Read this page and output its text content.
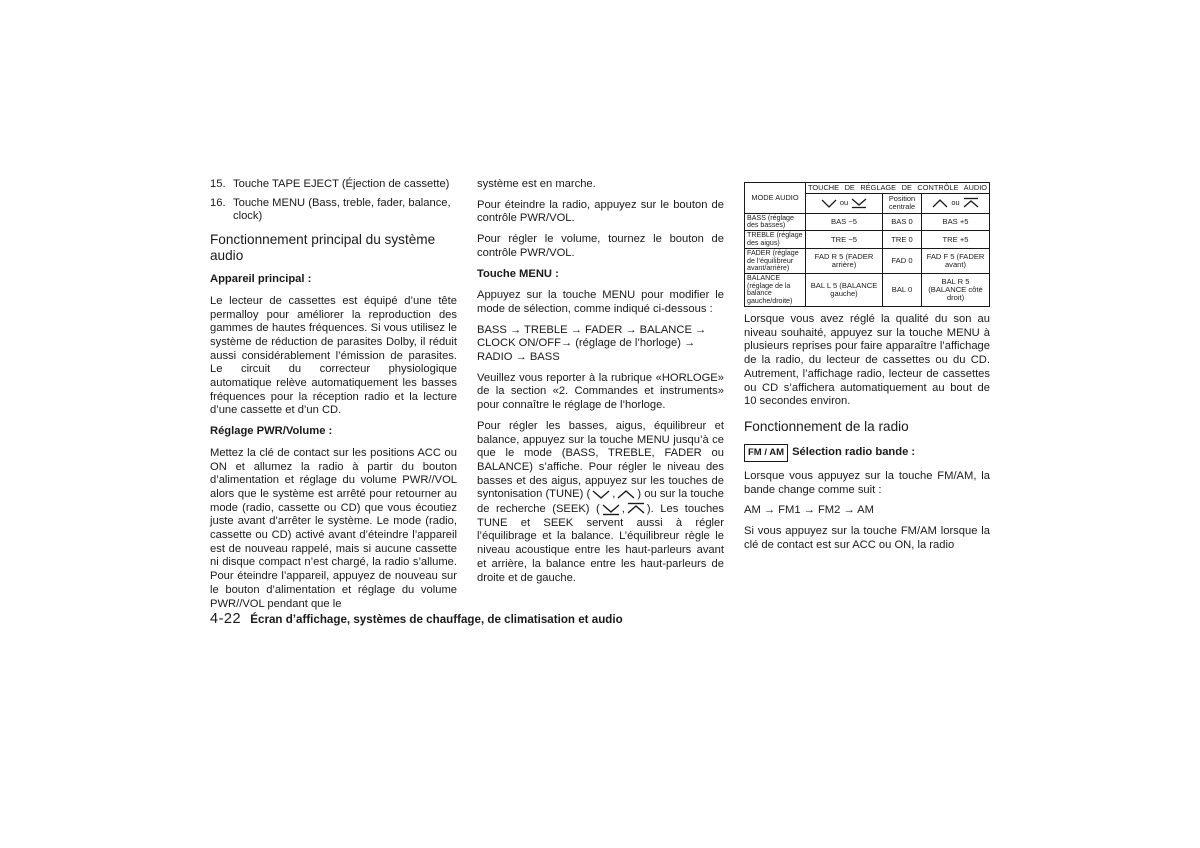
15. Touche TAPE EJECT (Éjection de cassette)
16. Touche MENU (Bass, treble, fader, balance, clock)
Fonctionnement principal du système audio
Appareil principal :

Le lecteur de cassettes est équipé d’une tête permalloy pour améliorer la reproduction des gammes de hautes fréquences. Si vous utilisez le système de réduction de parasites Dolby, il réduit aussi considérablement l’émission de parasites. Le circuit du correcteur physiologique automatique relève automatiquement les basses fréquences pour la réception radio et la lecture d’une cassette et d’un CD.

Réglage PWR/Volume :

Mettez la clé de contact sur les positions ACC ou ON et allumez la radio à partir du bouton d’alimentation et réglage du volume PWR//VOL alors que le système est arrêté pour retourner au mode (radio, cassette ou CD) que vous écoutiez juste avant d’arrêter le système. Le mode (radio, cassette ou CD) activé avant d’éteindre l’appareil est de nouveau rappelé, mais si aucune cassette ni disque compact n’est chargé, la radio s’allume. Pour éteindre l’appareil, appuyez de nouveau sur le bouton d’alimentation et réglage du volume PWR//VOL pendant que le

système est en marche.

Pour éteindre la radio, appuyez sur le bouton de contrôle PWR/VOL.

Pour régler le volume, tournez le bouton de contrôle PWR/VOL.

Touche MENU :

Appuyez sur la touche MENU pour modifier le mode de sélection, comme indiqué ci-dessous :

BASS → TREBLE → FADER → BALANCE → CLOCK ON/OFF→ (réglage de l’horloge) → RADIO → BASS

Veuillez vous reporter à la rubrique «HORLOGE» de la section «2. Commandes et instruments» pour connaître le réglage de l’horloge.

Pour régler les basses, aigus, équilibreur et balance, appuyez sur la touche MENU jusqu’à ce que le mode (BASS, TREBLE, FADER ou BALANCE) s’affiche. Pour régler le niveau des basses et des aigus, appuyez sur les touches de syntonisation (TUNE) ( , ) ou sur la touche de recherche (SEEK) ( , ). Les touches TUNE et SEEK servent aussi à régler l’équilibrage et la balance. L’équilibreur règle le niveau acoustique entre les haut-parleurs avant et arrière, la balance entre les haut-parleurs de droite et de gauche.

MODE AUDIO	TOUCHE DE RÉGLAGE DE CONTRÔLE AUDIO		

ou	Position centrale	ou

BASS (réglage des basses)	BAS −5	BAS 0	BAS +5
TREBLE (réglage des aigus)	TRE −5	TRE 0	TRE +5
FADER (réglage de l’équilibreur avant/arrière)	FAD R 5 (FADER arrière)	FAD 0	FAD F 5 (FADER avant)
BALANCE (réglage de la balance gauche/droite)	BAL L 5 (BALANCE gauche)	BAL 0	BAL R 5 (BALANCE côté droit)

Lorsque vous avez réglé la qualité du son au niveau souhaité, appuyez sur la touche MENU à plusieurs reprises pour faire apparaître l’affichage de la radio, du lecteur de cassettes ou du CD. Autrement, l’affichage radio, lecteur de cassettes ou CD s’affichera automatiquement au bout de 10 secondes environ.

Fonctionnement de la radio
FM / AM Sélection radio bande :

Lorsque vous appuyez sur la touche FM/AM, la bande change comme suit :

AM → FM1 → FM2 → AM

Si vous appuyez sur la touche FM/AM lorsque la clé de contact est sur ACC ou ON, la radio

4-22 Écran d’affichage, systèmes de chauffage, de climatisation et audio
